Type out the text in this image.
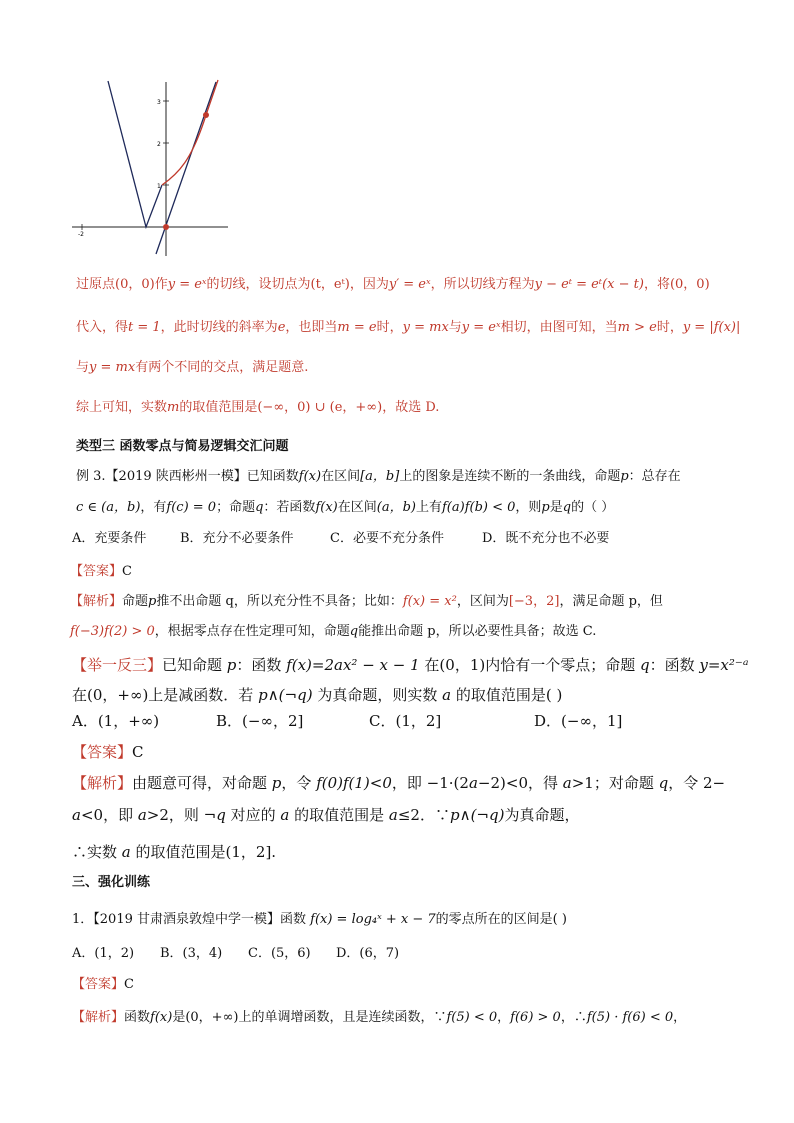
3
2
1
-2
过原点(0，0)作y = eˣ的切线，设切点为(t，eᵗ)，因为y′ = eˣ，所以切线方程为y − eᵗ = eᵗ(x − t)，将(0，0)
代入，得t = 1，此时切线的斜率为e，也即当m = e时，y = mx与y = eˣ相切，由图可知，当m > e时，y = |f(x)|
与y = mx有两个不同的交点，满足题意.
综上可知，实数m的取值范围是(−∞，0) ∪ (e，+∞)，故选 D.
类型三 函数零点与简易逻辑交汇问题
例 3.【2019 陕西彬州一模】已知函数f(x)在区间[a，b]上的图象是连续不断的一条曲线，命题p：总存在
c ∈ (a，b)，有f(c) = 0；命题q：若函数f(x)在区间(a，b)上有f(a)f(b) < 0，则p是q的（ ）
A．充要条件	B．充分不必要条件	C．必要不充分条件	D．既不充分也不必要
【答案】C
【解析】命题p推不出命题 q，所以充分性不具备；比如：f(x) = x²，区间为[−3，2]，满足命题 p，但
f(−3)f(2) > 0，根据零点存在性定理可知，命题q能推出命题 p，所以必要性具备；故选 C.
【举一反三】已知命题 p：函数 f(x)=2ax² − x − 1 在(0，1)内恰有一个零点；命题 q：函数 y=x²⁻ᵃ
在(0，+∞)上是减函数．若 p∧(¬q) 为真命题，则实数 a 的取值范围是( )
A．(1，+∞)	B．(−∞，2]	C．(1，2]	D．(−∞，1]
【答案】C
【解析】由题意可得，对命题 p，令 f(0)f(1)<0，即 −1·(2a−2)<0，得 a>1；对命题 q，令 2−
a<0，即 a>2，则 ¬q 对应的 a 的取值范围是 a≤2．∵p∧(¬q)为真命题，
∴实数 a 的取值范围是(1，2].
三、强化训练
1．【2019 甘肃酒泉敦煌中学一模】函数 f(x) = log₄ˣ + x − 7的零点所在的区间是( )
A．(1，2) B．(3，4) C．(5，6) D．(6，7)
【答案】C
【解析】函数f(x)是(0，+∞)上的单调增函数，且是连续函数，∵f(5) < 0，f(6) > 0，∴f(5) · f(6) < 0，
